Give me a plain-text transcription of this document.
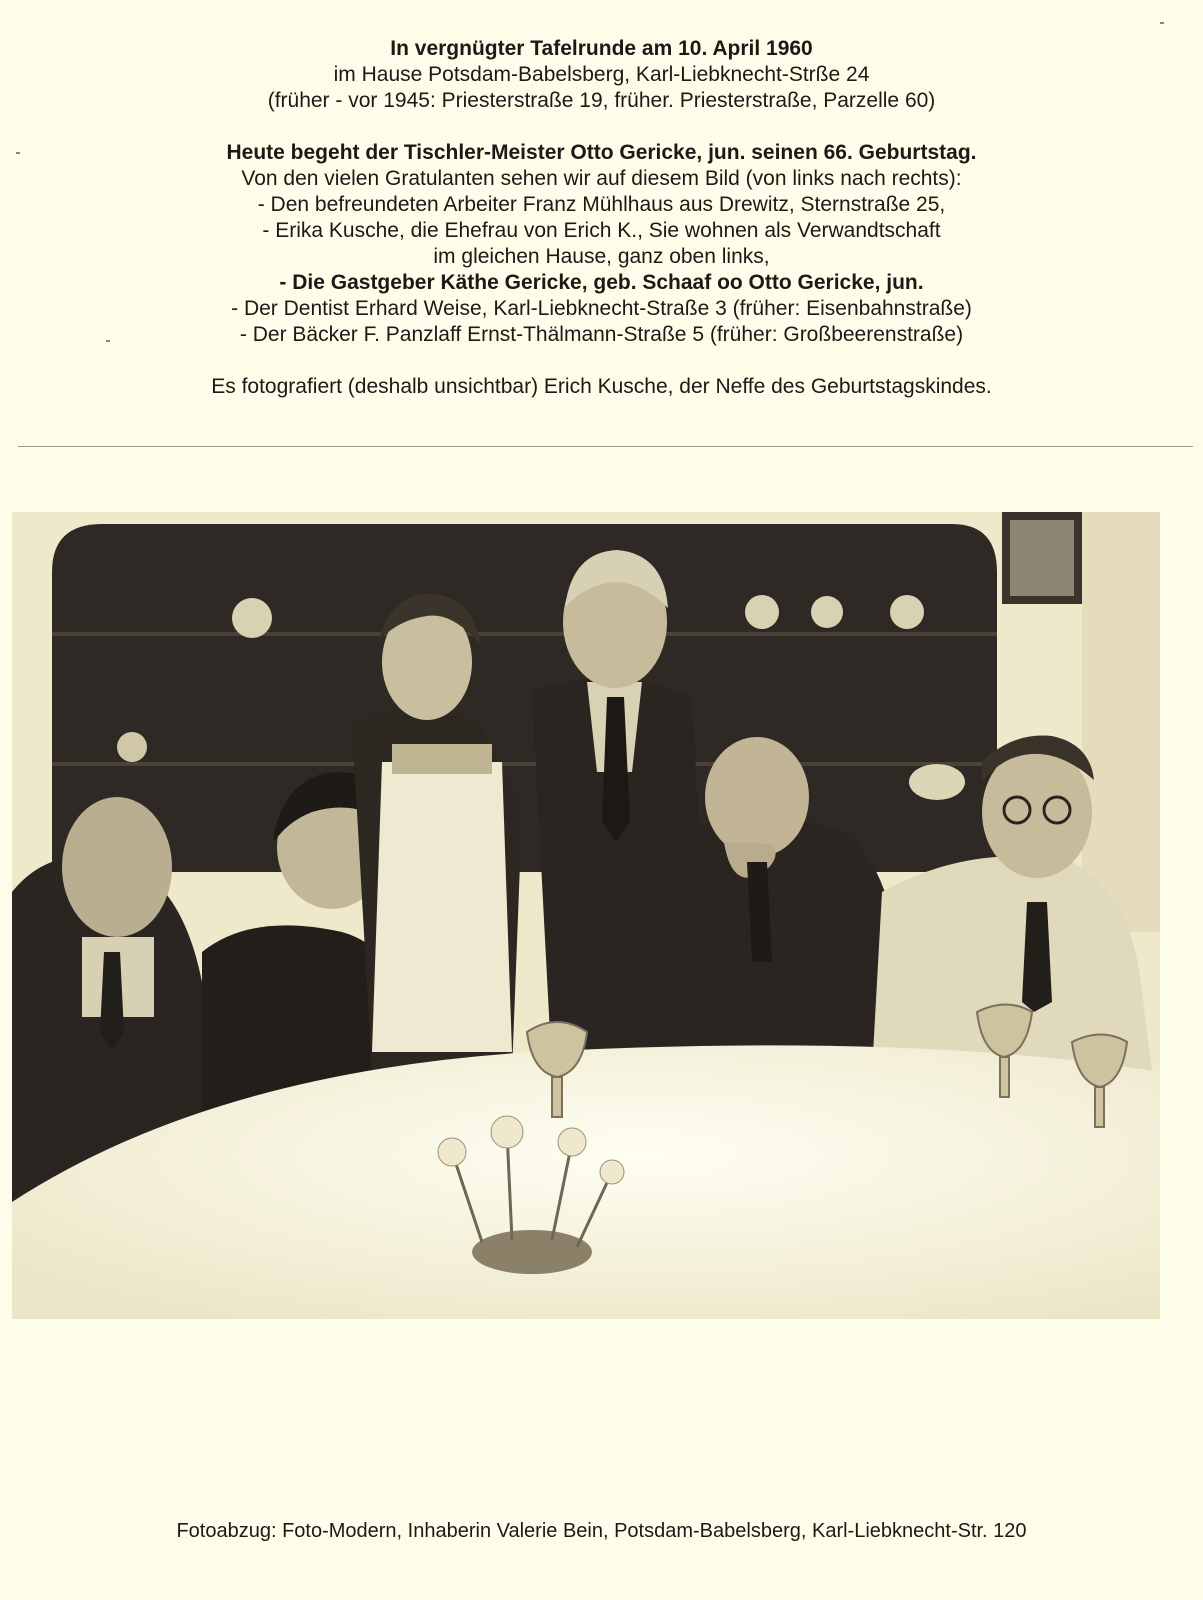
In vergnügter Tafelrunde am 10. April 1960
im Hause Potsdam-Babelsberg, Karl-Liebknecht-Strße 24
(früher - vor 1945: Priesterstraße 19, früher. Priesterstraße, Parzelle 60)
Heute begeht der Tischler-Meister Otto Gericke, jun. seinen 66. Geburtstag.
Von den vielen Gratulanten sehen wir auf diesem Bild (von links nach rechts):
- Den befreundeten Arbeiter Franz Mühlhaus aus Drewitz, Sternstraße 25,
- Erika Kusche, die Ehefrau von Erich K., Sie wohnen als Verwandtschaft
im gleichen Hause, ganz oben links,
- Die Gastgeber Käthe Gericke, geb. Schaaf oo Otto Gericke, jun.
- Der Dentist Erhard Weise, Karl-Liebknecht-Straße 3 (früher: Eisenbahnstraße)
- Der Bäcker F. Panzlaff Ernst-Thälmann-Straße 5 (früher: Großbeerenstraße)
Es fotografiert (deshalb unsichtbar) Erich Kusche, der Neffe des Geburtstagskindes.
Fotoabzug: Foto-Modern, Inhaberin Valerie Bein, Potsdam-Babelsberg, Karl-Liebknecht-Str. 120
